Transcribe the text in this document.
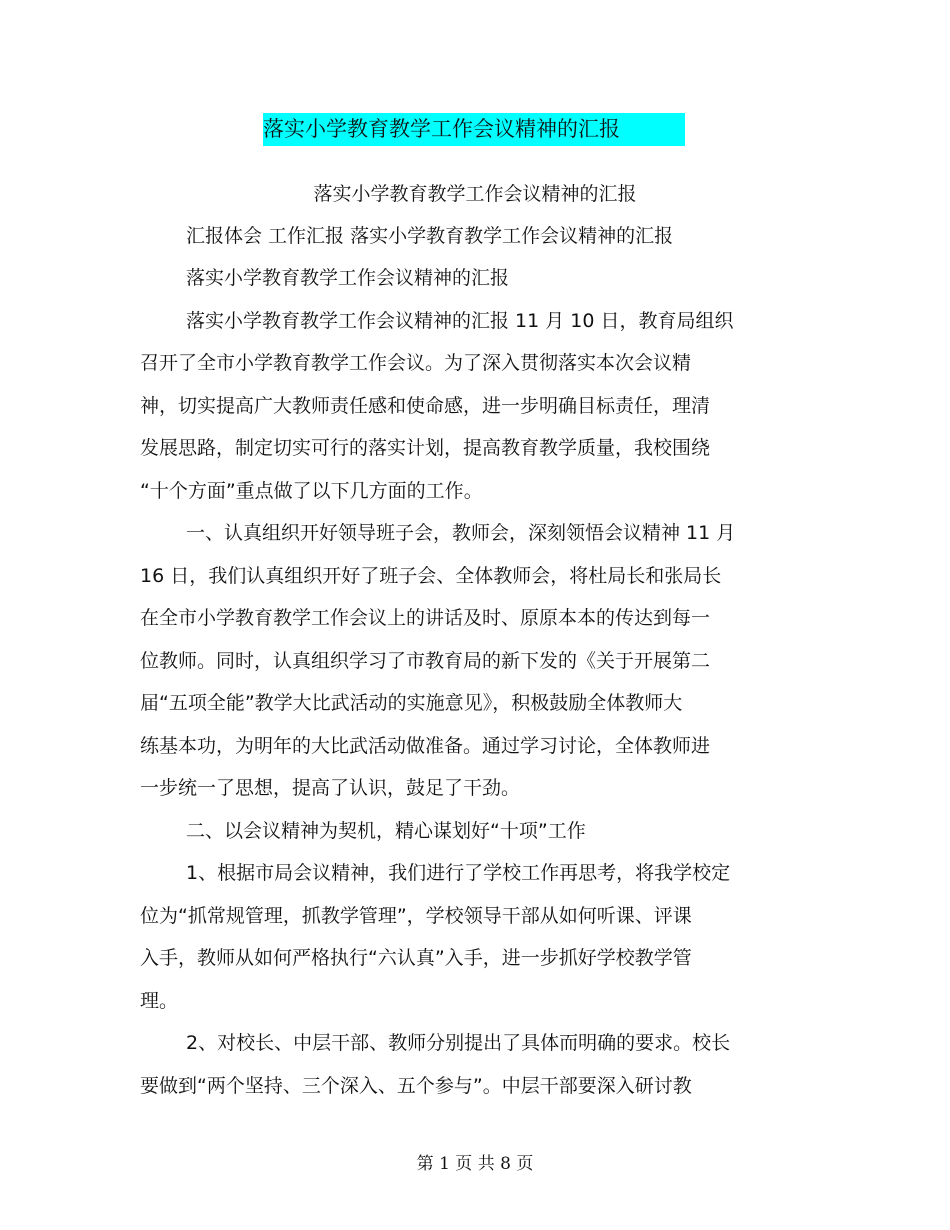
落实小学教育教学工作会议精神的汇报
落实小学教育教学工作会议精神的汇报
汇报体会 工作汇报 落实小学教育教学工作会议精神的汇报
落实小学教育教学工作会议精神的汇报
落实小学教育教学工作会议精神的汇报 11 月 10 日，教育局组织
召开了全市小学教育教学工作会议。为了深入贯彻落实本次会议精
神，切实提高广大教师责任感和使命感，进一步明确目标责任，理清
发展思路，制定切实可行的落实计划，提高教育教学质量，我校围绕
“十个方面”重点做了以下几方面的工作。
一、认真组织开好领导班子会，教师会，深刻领悟会议精神 11 月
16 日，我们认真组织开好了班子会、全体教师会，将杜局长和张局长
在全市小学教育教学工作会议上的讲话及时、原原本本的传达到每一
位教师。同时，认真组织学习了市教育局的新下发的《关于开展第二
届“五项全能”教学大比武活动的实施意见》，积极鼓励全体教师大
练基本功，为明年的大比武活动做准备。通过学习讨论，全体教师进
一步统一了思想，提高了认识，鼓足了干劲。
二、以会议精神为契机，精心谋划好“十项”工作
1、根据市局会议精神，我们进行了学校工作再思考，将我学校定
位为“抓常规管理，抓教学管理”，学校领导干部从如何听课、评课
入手，教师从如何严格执行“六认真”入手，进一步抓好学校教学管
理。
2、对校长、中层干部、教师分别提出了具体而明确的要求。校长
要做到“两个坚持、三个深入、五个参与”。中层干部要深入研讨教
第 1 页 共 8 页
